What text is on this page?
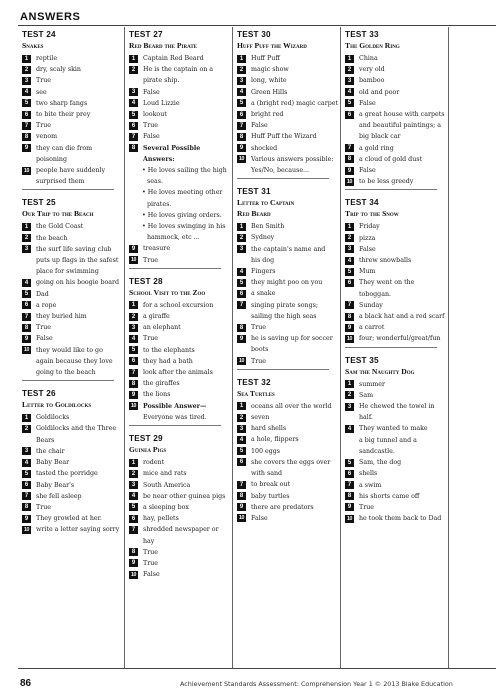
ANSWERS
TEST 24
Snakes
1	reptile
2	dry, scaly skin
3	True
4	see
5	two sharp fangs
6	to bite their prey
7	True
8	venom
9	they can die from
poisoning
10	people have suddenly
surprised them
TEST 25
Our Trip to the Beach
1	the Gold Coast
2	the beach
3	the surf life saving club
puts up flags in the safest
place for swimming
4	going on his boogie board
5	Dad
6	a rope
7	they buried him
8	True
9	False
10	they would like to go
again because they love
going to the beach
TEST 26
Letter to Goldilocks
1	Goldilocks
2	Goldilocks and the Three
Bears
3	the chair
4	Baby Bear
5	tasted the porridge
6	Baby Bear's
7	she fell asleep
8	True
9	They growled at her.
10	write a letter saying sorry
TEST 27
Red Beard the Pirate
1	Captain Red Beard
2	He is the captain on a
pirate ship.
3	False
4	Loud Lizzie
5	lookout
6	True
7	False
8	Several Possible Answers:
• He loves sailing the high
seas.
• He loves meeting other
pirates.
• He loves giving orders.
• He loves swinging in his
hammock, etc ...
9	treasure
10	True
TEST 28
School Visit to the Zoo
1	for a school excursion
2	a giraffe
3	an elephant
4	True
5	to the elephants
6	they had a bath
7	look after the animals
8	the giraffes
9	the lions
10	Possible Answer—
Everyone was tired.
TEST 29
Guinea Pigs
1	rodent
2	mice and rats
3	South America
4	be near other guinea pigs
5	a sleeping box
6	hay, pellets
7	shredded newspaper or
hay
8	True
9	True
10	False
TEST 30
Huff Puff the Wizard
1	Huff Puff
2	magic show
3	long, white
4	Green Hills
5	a (bright red) magic carpet
6	bright red
7	False
8	Huff Puff the Wizard
9	shocked
10	Various answers possible:
Yes/No, because...
TEST 31
Letter to Captain
Red Beard
1	Ben Smith
2	Sydney
3	the captain's name and
his dog
4	Fingers
5	they might poo on you
6	a snake
7	singing pirate songs;
sailing the high seas
8	True
9	he is saving up for soccer
boots
10	True
TEST 32
Sea Turtles
1	oceans all over the world
2	seven
3	hard shells
4	a hole, flippers
5	100 eggs
6	she covers the eggs over
with sand
7	to break out
8	baby turtles
9	there are predators
10	False
TEST 33
The Golden Ring
1	China
2	very old
3	bamboo
4	old and poor
5	False
6	a great house with carpets
and beautiful paintings; a
big black car
7	a gold ring
8	a cloud of gold dust
9	False
10	to be less greedy
TEST 34
Trip to the Snow
1	Friday
2	pizza
3	False
4	threw snowballs
5	Mum
6	They went on the
toboggan.
7	Sunday
8	a black hat and a red scarf
9	a carrot
10	four; wonderful/great/fun
TEST 35
Sam the Naughty Dog
1	summer
2	Sam
3	He chewed the towel in
half.
4	They wanted to make
a big tunnel and a
sandcastle.
5	Sam, the dog
6	shells
7	a swim
8	his shorts came off
9	True
10	he took them back to Dad
86	Achievement Standards Assessment: Comprehension Year 1 © 2013 Blake Education
